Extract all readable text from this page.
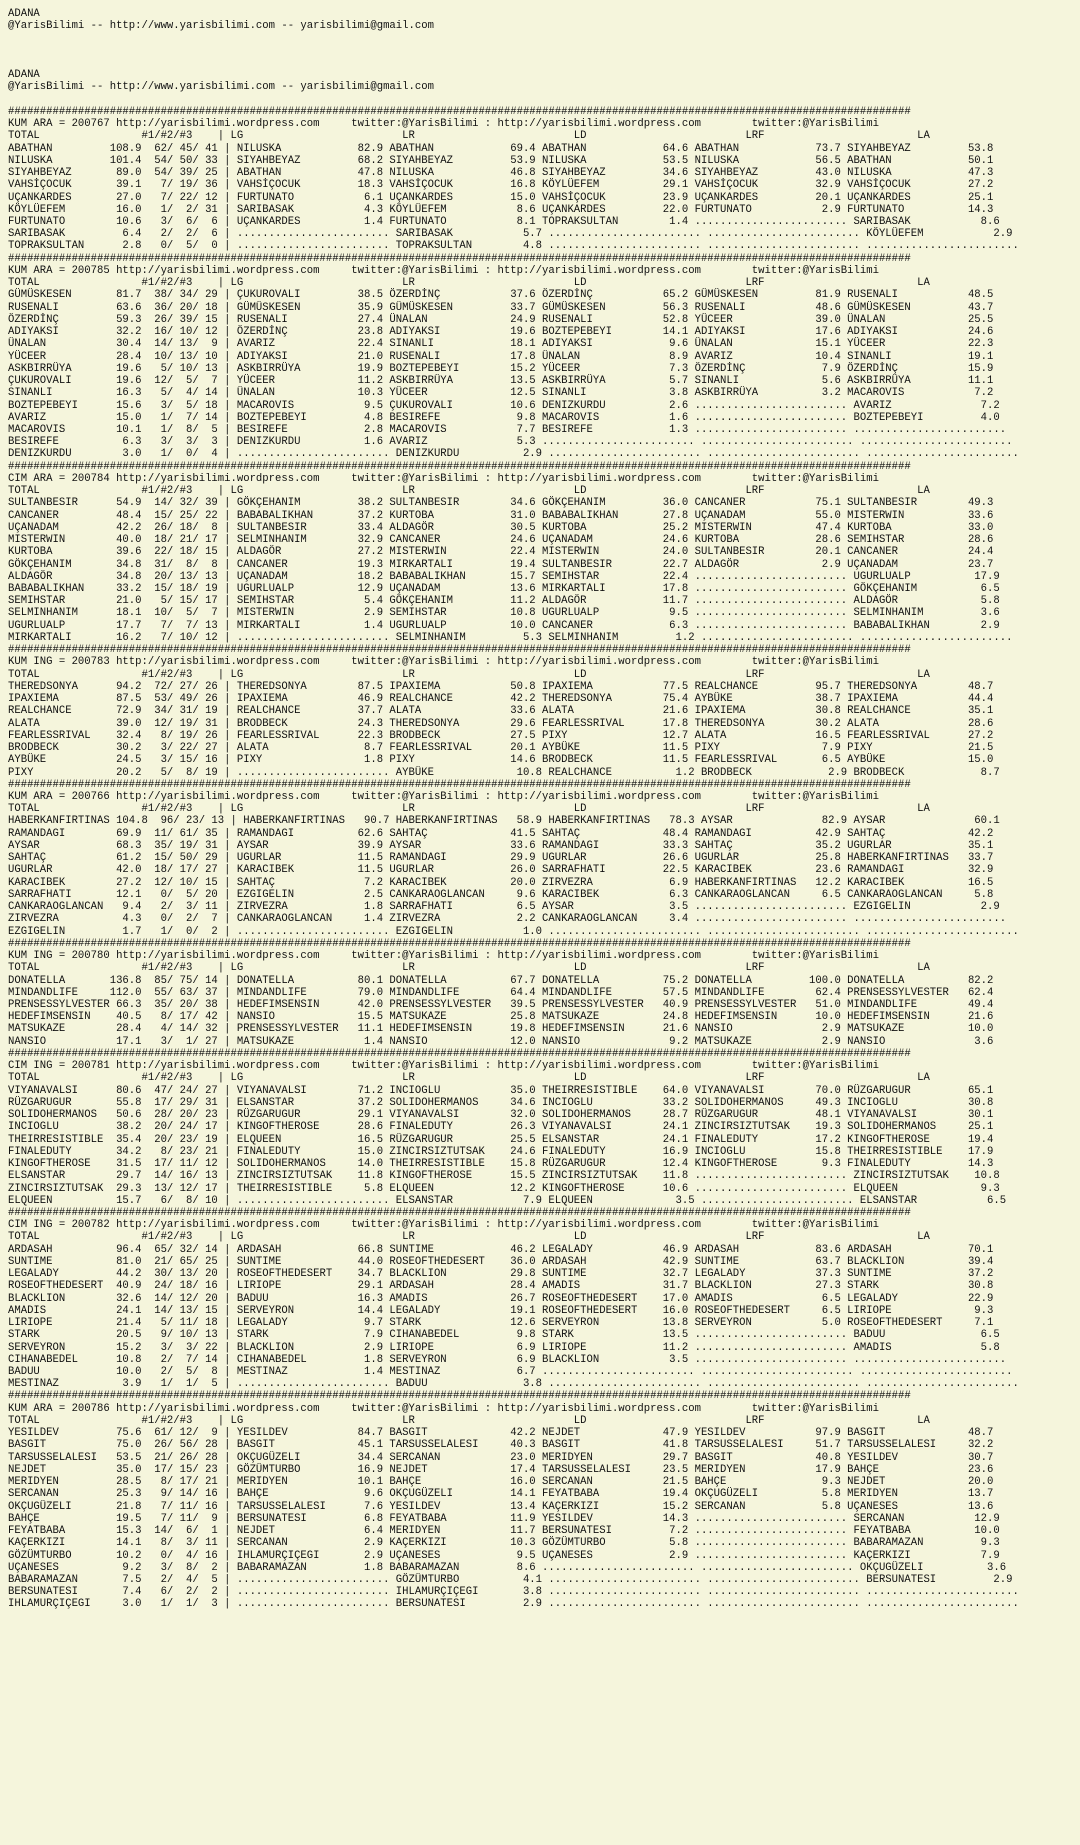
ADANA
@YarisBilimi -- http://www.yarisbilimi.com -- yarisbilimi@gmail.com

ADANA
@YarisBilimi -- http://www.yarisbilimi.com -- yarisbilimi@gmail.com

##############################################################################################################################################
KUM ARA = 200767 http://yarisbilimi.wordpress.com     twitter:@YarisBilimi : http://yarisbilimi.wordpress.com        twitter:@YarisBilimi
TOTAL                #1/#2/#3    | LG                         LR                         LD                         LRF                        LA
ABATHAN         108.9  62/ 45/ 41 | NILUSKA            82.9 ABATHAN            69.4 ABATHAN            64.6 ABATHAN            73.7 SIYAHBEYAZ         53.8
NILUSKA         101.4  54/ 50/ 33 | SIYAHBEYAZ         68.2 SIYAHBEYAZ         53.9 NILUSKA            53.5 NILUSKA            56.5 ABATHAN            50.1
SIYAHBEYAZ       89.0  54/ 39/ 25 | ABATHAN            47.8 NILUSKA            46.8 SIYAHBEYAZ         34.6 SIYAHBEYAZ         43.0 NILUSKA            47.3
VAHSİÇOCUK       39.1   7/ 19/ 36 | VAHSİÇOCUK         18.3 VAHSİÇOCUK         16.8 KÖYLÜEFEM          29.1 VAHSİÇOCUK         32.9 VAHSİÇOCUK         27.2
UÇANKARDES       27.0   7/ 22/ 12 | FURTUNATO           6.1 UÇANKARDES         15.0 VAHSİÇOCUK         23.9 UÇANKARDES         20.1 UÇANKARDES         25.1
KÖYLÜEFEM        16.0   1/  2/ 31 | SARIBASAK           4.3 KÖYLÜEFEM           8.6 UÇANKARDES         22.0 FURTUNATO           2.9 FURTUNATO          14.3
FURTUNATO        10.6   3/  6/  6 | UÇANKARDES          1.4 FURTUNATO           8.1 TOPRAKSULTAN        1.4 ........................ SARIBASAK           8.6
SARIBASAK         6.4   2/  2/  6 | ........................ SARIBASAK           5.7 ........................ ........................ KÖYLÜEFEM           2.9
TOPRAKSULTAN      2.8   0/  5/  0 | ........................ TOPRAKSULTAN        4.8 ........................ ........................ ........................
##############################################################################################################################################
KUM ARA = 200785 http://yarisbilimi.wordpress.com     twitter:@YarisBilimi : http://yarisbilimi.wordpress.com        twitter:@YarisBilimi
TOTAL                #1/#2/#3    | LG                         LR                         LD                         LRF                        LA
GÜMÜSKESEN       81.7  38/ 34/ 29 | ÇUKUROVALI         38.5 ÖZERDİNÇ           37.6 ÖZERDİNÇ           65.2 GÜMÜSKESEN         81.9 RUSENALI           48.5
RUSENALI         63.6  36/ 20/ 18 | GÜMÜSKESEN         35.9 GÜMÜSKESEN         33.7 GÜMÜSKESEN         56.3 RUSENALI           48.6 GÜMÜSKESEN         43.7
ÖZERDİNÇ         59.3  26/ 39/ 15 | RUSENALI           27.4 ÜNALAN             24.9 RUSENALI           52.8 YÜCEER             39.0 ÜNALAN             25.5
ADIYAKSI         32.2  16/ 10/ 12 | ÖZERDİNÇ           23.8 ADIYAKSI           19.6 BOZTEPEBEYI        14.1 ADIYAKSI           17.6 ADIYAKSI           24.6
ÜNALAN           30.4  14/ 13/  9 | AVARIZ             22.4 SINANLI            18.1 ADIYAKSI            9.6 ÜNALAN             15.1 YÜCEER             22.3
YÜCEER           28.4  10/ 13/ 10 | ADIYAKSI           21.0 RUSENALI           17.8 ÜNALAN              8.9 AVARIZ             10.4 SINANLI            19.1
ASKBIRRÜYA       19.6   5/ 10/ 13 | ASKBIRRÜYA         19.9 BOZTEPEBEYI        15.2 YÜCEER              7.3 ÖZERDİNÇ            7.9 ÖZERDİNÇ           15.9
ÇUKUROVALI       19.6  12/  5/  7 | YÜCEER             11.2 ASKBIRRÜYA         13.5 ASKBIRRÜYA          5.7 SINANLI             5.6 ASKBIRRÜYA         11.1
SINANLI          16.3   5/  4/ 14 | ÜNALAN             10.3 YÜCEER             12.5 SINANLI             3.8 ASKBIRRÜYA          3.2 MACAROVIS           7.2
BOZTEPEBEYI      15.6   3/  5/ 18 | MACAROVIS           9.5 ÇUKUROVALI         10.6 DENIZKURDU          2.6 ........................ AVARIZ              7.2
AVARIZ           15.0   1/  7/ 14 | BOZTEPEBEYI         4.8 BESIREFE            9.8 MACAROVIS           1.6 ........................ BOZTEPEBEYI         4.0
MACAROVIS        10.1   1/  8/  5 | BESIREFE            2.8 MACAROVIS           7.7 BESIREFE            1.3 ........................ ........................
BESIREFE          6.3   3/  3/  3 | DENIZKURDU          1.6 AVARIZ              5.3 ........................ ........................ ........................
DENIZKURDU        3.0   1/  0/  4 | ........................ DENIZKURDU          2.9 ........................ ........................ ........................
##############################################################################################################################################
CIM ARA = 200784 http://yarisbilimi.wordpress.com     twitter:@YarisBilimi : http://yarisbilimi.wordpress.com        twitter:@YarisBilimi
TOTAL                #1/#2/#3    | LG                         LR                         LD                         LRF                        LA
SULTANBESIR      54.9  14/ 32/ 39 | GÖKÇEHANIM         38.2 SULTANBESIR        34.6 GÖKÇEHANIM         36.0 CANCANER           75.1 SULTANBESIR        49.3
CANCANER         48.4  15/ 25/ 22 | BABABALIKHAN       37.2 KURTOBA            31.0 BABABALIKHAN       27.8 UÇANADAM           55.0 MISTERWIN          33.6
UÇANADAM         42.2  26/ 18/  8 | SULTANBESIR        33.4 ALDAGÖR            30.5 KURTOBA            25.2 MISTERWIN          47.4 KURTOBA            33.0
MISTERWIN        40.0  18/ 21/ 17 | SELMINHANIM        32.9 CANCANER           24.6 UÇANADAM           24.6 KURTOBA            28.6 SEMIHSTAR          28.6
KURTOBA          39.6  22/ 18/ 15 | ALDAGÖR            27.2 MISTERWIN          22.4 MISTERWIN          24.0 SULTANBESIR        20.1 CANCANER           24.4
GÖKÇEHANIM       34.8  31/  8/  8 | CANCANER           19.3 MIRKARTALI         19.4 SULTANBESIR        22.7 ALDAGÖR             2.9 UÇANADAM           23.7
ALDAGÖR          34.8  20/ 13/ 13 | UÇANADAM           18.2 BABABALIKHAN       15.7 SEMIHSTAR          22.4 ........................ UGURLUALP          17.9
BABABALIKHAN     33.2  15/ 18/ 19 | UGURLUALP          12.9 UÇANADAM           13.6 MIRKARTALI         17.8 ........................ GÖKÇEHANIM          6.5
SEMIHSTAR        21.0   5/ 15/ 17 | SEMIHSTAR           5.4 GÖKÇEHANIM         11.2 ALDAGÖR            11.7 ........................ ALDAGÖR             5.8
SELMINHANIM      18.1  10/  5/  7 | MISTERWIN           2.9 SEMIHSTAR          10.8 UGURLUALP           9.5 ........................ SELMINHANIM         3.6
UGURLUALP        17.7   7/  7/ 13 | MIRKARTALI          1.4 UGURLUALP          10.0 CANCANER            6.3 ........................ BABABALIKHAN        2.9
MIRKARTALI       16.2   7/ 10/ 12 | ........................ SELMINHANIM         5.3 SELMINHANIM         1.2 ........................ ........................
##############################################################################################################################################
KUM ING = 200783 http://yarisbilimi.wordpress.com     twitter:@YarisBilimi : http://yarisbilimi.wordpress.com        twitter:@YarisBilimi
TOTAL                #1/#2/#3    | LG                         LR                         LD                         LRF                        LA
THEREDSONYA      94.2  72/ 27/ 26 | THEREDSONYA        87.5 IPAXIEMA           50.8 IPAXIEMA           77.5 REALCHANCE         95.7 THEREDSONYA        48.7
IPAXIEMA         87.5  53/ 49/ 26 | IPAXIEMA           46.9 REALCHANCE         42.2 THEREDSONYA        75.4 AYBÜKE             38.7 IPAXIEMA           44.4
REALCHANCE       72.9  34/ 31/ 19 | REALCHANCE         37.7 ALATA              33.6 ALATA              21.6 IPAXIEMA           30.8 REALCHANCE         35.1
ALATA            39.0  12/ 19/ 31 | BRODBECK           24.3 THEREDSONYA        29.6 FEARLESSRIVAL      17.8 THEREDSONYA        30.2 ALATA              28.6
FEARLESSRIVAL    32.4   8/ 19/ 26 | FEARLESSRIVAL      22.3 BRODBECK           27.5 PIXY               12.7 ALATA              16.5 FEARLESSRIVAL      27.2
BRODBECK         30.2   3/ 22/ 27 | ALATA               8.7 FEARLESSRIVAL      20.1 AYBÜKE             11.5 PIXY                7.9 PIXY               21.5
AYBÜKE           24.5   3/ 15/ 16 | PIXY                1.8 PIXY               14.6 BRODBECK           11.5 FEARLESSRIVAL       6.5 AYBÜKE             15.0
PIXY             20.2   5/  8/ 19 | ........................ AYBÜKE             10.8 REALCHANCE          1.2 BRODBECK            2.9 BRODBECK            8.7
##############################################################################################################################################
KUM ARA = 200766 http://yarisbilimi.wordpress.com     twitter:@YarisBilimi : http://yarisbilimi.wordpress.com        twitter:@YarisBilimi
TOTAL                #1/#2/#3    | LG                         LR                         LD                         LRF                        LA
HABERKANFIRTINAS 104.8  96/ 23/ 13 | HABERKANFIRTINAS   90.7 HABERKANFIRTINAS   58.9 HABERKANFIRTINAS   78.3 AYSAR              82.9 AYSAR              60.1
RAMANDAGI        69.9  11/ 61/ 35 | RAMANDAGI          62.6 SAHTAÇ             41.5 SAHTAÇ             48.4 RAMANDAGI          42.9 SAHTAÇ             42.2
AYSAR            68.3  35/ 19/ 31 | AYSAR              39.9 AYSAR              33.6 RAMANDAGI          33.3 SAHTAÇ             35.2 UGURLAR            35.1
SAHTAÇ           61.2  15/ 50/ 29 | UGURLAR            11.5 RAMANDAGI          29.9 UGURLAR            26.6 UGURLAR            25.8 HABERKANFIRTINAS   33.7
UGURLAR          42.0  18/ 17/ 27 | KARACIBEK          11.5 UGURLAR            26.0 SARRAFHATI         22.5 KARACIBEK          23.6 RAMANDAGI          32.9
KARACIBEK        27.2  12/ 10/ 15 | SAHTAÇ              7.2 KARACIBEK          20.0 ZIRVEZRA            6.9 HABERKANFIRTINAS   12.2 KARACIBEK          16.5
SARRAFHATI       12.1   0/  5/ 20 | EZGIGELIN           2.5 CANKARAOGLANCAN     9.6 KARACIBEK           6.3 CANKARAOGLANCAN     6.5 CANKARAOGLANCAN     5.8
CANKARAOGLANCAN   9.4   2/  3/ 11 | ZIRVEZRA            1.8 SARRAFHATI          6.5 AYSAR               3.5 ........................ EZGIGELIN           2.9
ZIRVEZRA          4.3   0/  2/  7 | CANKARAOGLANCAN     1.4 ZIRVEZRA            2.2 CANKARAOGLANCAN     3.4 ........................ ........................
EZGIGELIN         1.7   1/  0/  2 | ........................ EZGIGELIN           1.0 ........................ ........................ ........................
##############################################################################################################################################
KUM ING = 200780 http://yarisbilimi.wordpress.com     twitter:@YarisBilimi : http://yarisbilimi.wordpress.com        twitter:@YarisBilimi
TOTAL                #1/#2/#3    | LG                         LR                         LD                         LRF                        LA
DONATELLA       136.8  85/ 75/ 14 | DONATELLA          80.1 DONATELLA          67.7 DONATELLA          75.2 DONATELLA         100.0 DONATELLA          82.2
MINDANDLIFE     112.0  55/ 63/ 37 | MINDANDLIFE        79.0 MINDANDLIFE        64.4 MINDANDLIFE        57.5 MINDANDLIFE        62.4 PRENSESSYLVESTER   62.4
PRENSESSYLVESTER 66.3  35/ 20/ 38 | HEDEFIMSENSIN      42.0 PRENSESSYLVESTER   39.5 PRENSESSYLVESTER   40.9 PRENSESSYLVESTER   51.0 MINDANDLIFE        49.4
HEDEFIMSENSIN    40.5   8/ 17/ 42 | NANSIO             15.5 MATSUKAZE          25.8 MATSUKAZE          24.8 HEDEFIMSENSIN      10.0 HEDEFIMSENSIN      21.6
MATSUKAZE        28.4   4/ 14/ 32 | PRENSESSYLVESTER   11.1 HEDEFIMSENSIN      19.8 HEDEFIMSENSIN      21.6 NANSIO              2.9 MATSUKAZE          10.0
NANSIO           17.1   3/  1/ 27 | MATSUKAZE           1.4 NANSIO             12.0 NANSIO              9.2 MATSUKAZE           2.9 NANSIO              3.6
##############################################################################################################################################
CIM ING = 200781 http://yarisbilimi.wordpress.com     twitter:@YarisBilimi : http://yarisbilimi.wordpress.com        twitter:@YarisBilimi
TOTAL                #1/#2/#3    | LG                         LR                         LD                         LRF                        LA
VIYANAVALSI      80.6  47/ 24/ 27 | VIYANAVALSI        71.2 INCIOGLU           35.0 THEIRRESISTIBLE    64.0 VIYANAVALSI        70.0 RÜZGARUGUR         65.1
RÜZGARUGUR       55.8  17/ 29/ 31 | ELSANSTAR          37.2 SOLIDOHERMANOS     34.6 INCIOGLU           33.2 SOLIDOHERMANOS     49.3 INCIOGLU           30.8
SOLIDOHERMANOS   50.6  28/ 20/ 23 | RÜZGARUGUR         29.1 VIYANAVALSI        32.0 SOLIDOHERMANOS     28.7 RÜZGARUGUR         48.1 VIYANAVALSI        30.1
INCIOGLU         38.2  20/ 24/ 17 | KINGOFTHEROSE      28.6 FINALEDUTY         26.3 VIYANAVALSI        24.1 ZINCIRSIZTUTSAK    19.3 SOLIDOHERMANOS     25.1
THEIRRESISTIBLE  35.4  20/ 23/ 19 | ELQUEEN            16.5 RÜZGARUGUR         25.5 ELSANSTAR          24.1 FINALEDUTY         17.2 KINGOFTHEROSE      19.4
FINALEDUTY       34.2   8/ 23/ 21 | FINALEDUTY         15.0 ZINCIRSIZTUTSAK    24.6 FINALEDUTY         16.9 INCIOGLU           15.8 THEIRRESISTIBLE    17.9
KINGOFTHEROSE    31.5  17/ 11/ 12 | SOLIDOHERMANOS     14.0 THEIRRESISTIBLE    15.8 RÜZGARUGUR         12.4 KINGOFTHEROSE       9.3 FINALEDUTY         14.3
ELSANSTAR        29.7  14/ 16/ 13 | ZINCIRSIZTUTSAK    11.8 KINGOFTHEROSE      15.5 ZINCIRSIZTUTSAK    11.8 ........................ ZINCIRSIZTUTSAK    10.8
ZINCIRSIZTUTSAK  29.3  13/ 12/ 17 | THEIRRESISTIBLE     5.8 ELQUEEN            12.2 KINGOFTHEROSE      10.6 ........................ ELQUEEN             9.3
ELQUEEN          15.7   6/  8/ 10 | ........................ ELSANSTAR           7.9 ELQUEEN             3.5 ........................ ELSANSTAR           6.5
##############################################################################################################################################
CIM ING = 200782 http://yarisbilimi.wordpress.com     twitter:@YarisBilimi : http://yarisbilimi.wordpress.com        twitter:@YarisBilimi
TOTAL                #1/#2/#3    | LG                         LR                         LD                         LRF                        LA
ARDASAH          96.4  65/ 32/ 14 | ARDASAH            66.8 SUNTIME            46.2 LEGALADY           46.9 ARDASAH            83.6 ARDASAH            70.1
SUNTIME          81.0  21/ 65/ 25 | SUNTIME            44.0 ROSEOFTHEDESERT    36.0 ARDASAH            42.9 SUNTIME            63.7 BLACKLION          39.4
LEGALADY         44.2  30/ 13/ 20 | ROSEOFTHEDESERT    34.7 BLACKLION          29.8 SUNTIME            32.7 LEGALADY           37.3 SUNTIME            37.2
ROSEOFTHEDESERT  40.9  24/ 18/ 16 | LIRIOPE            29.1 ARDASAH            28.4 AMADIS             31.7 BLACKLION          27.3 STARK              30.8
BLACKLION        32.6  14/ 12/ 20 | BADUU              16.3 AMADIS             26.7 ROSEOFTHEDESERT    17.0 AMADIS              6.5 LEGALADY           22.9
AMADIS           24.1  14/ 13/ 15 | SERVEYRON          14.4 LEGALADY           19.1 ROSEOFTHEDESERT    16.0 ROSEOFTHEDESERT     6.5 LIRIOPE             9.3
LIRIOPE          21.4   5/ 11/ 18 | LEGALADY            9.7 STARK              12.6 SERVEYRON          13.8 SERVEYRON           5.0 ROSEOFTHEDESERT     7.1
STARK            20.5   9/ 10/ 13 | STARK               7.9 CIHANABEDEL         9.8 STARK              13.5 ........................ BADUU               6.5
SERVEYRON        15.2   3/  3/ 22 | BLACKLION           2.9 LIRIOPE             6.9 LIRIOPE            11.2 ........................ AMADIS              5.8
CIHANABEDEL      10.8   2/  7/ 14 | CIHANABEDEL         1.8 SERVEYRON           6.9 BLACKLION           3.5 ........................ ........................
BADUU            10.0   2/  5/  8 | MESTINAZ            1.4 MESTINAZ            6.7 ........................ ........................ ........................
MESTINAZ          3.9   1/  1/  5 | ........................ BADUU               3.8 ........................ ........................ ........................
##############################################################################################################################################
KUM ARA = 200786 http://yarisbilimi.wordpress.com     twitter:@YarisBilimi : http://yarisbilimi.wordpress.com        twitter:@YarisBilimi
TOTAL                #1/#2/#3    | LG                         LR                         LD                         LRF                        LA
YESILDEV         75.6  61/ 12/  9 | YESILDEV           84.7 BASGIT             42.2 NEJDET             47.9 YESILDEV           97.9 BASGIT             48.7
BASGIT           75.0  26/ 56/ 28 | BASGIT             45.1 TARSUSSELALESI     40.3 BASGIT             41.8 TARSUSSELALESI     51.7 TARSUSSELALESI     32.2
TARSUSSELALESI   53.5  21/ 26/ 28 | OKÇUGÜZELI         34.4 SERCANAN           23.0 MERIDYEN           29.7 BASGIT             40.8 YESILDEV           30.7
NEJDET           35.0  17/ 15/ 23 | GÖZÜMTURBO         16.9 NEJDET             17.4 TARSUSSELALESI     23.5 MERIDYEN           17.9 BAHÇE              23.6
MERIDYEN         28.5   8/ 17/ 21 | MERIDYEN           10.1 BAHÇE              16.0 SERCANAN           21.5 BAHÇE               9.3 NEJDET             20.0
SERCANAN         25.3   9/ 14/ 16 | BAHÇE               9.6 OKÇUGÜZELI         14.1 FEYATBABA          19.4 OKÇUGÜZELI          5.8 MERIDYEN           13.7
OKÇUGÜZELI       21.8   7/ 11/ 16 | TARSUSSELALESI      7.6 YESILDEV           13.4 KAÇERKIZI          15.2 SERCANAN            5.8 UÇANESES           13.6
BAHÇE            19.5   7/ 11/  9 | BERSUNATESI         6.8 FEYATBABA          11.9 YESILDEV           14.3 ........................ SERCANAN           12.9
FEYATBABA        15.3  14/  6/  1 | NEJDET              6.4 MERIDYEN           11.7 BERSUNATESI         7.2 ........................ FEYATBABA          10.0
KAÇERKIZI        14.1   8/  3/ 11 | SERCANAN            2.9 KAÇERKIZI          10.3 GÖZÜMTURBO          5.8 ........................ BABARAMAZAN         9.3
GÖZÜMTURBO       10.2   0/  4/ 16 | IHLAMURÇIÇEGI       2.9 UÇANESES            9.5 UÇANESES            2.9 ........................ KAÇERKIZI           7.9
UÇANESES          9.2   3/  8/  2 | BABARAMAZAN         1.8 BABARAMAZAN         8.6 ........................ ........................ OKÇUGÜZELI          3.6
BABARAMAZAN       7.5   2/  4/  5 | ........................ GÖZÜMTURBO          4.1 ........................ ........................ BERSUNATESI         2.9
BERSUNATESI       7.4   6/  2/  2 | ........................ IHLAMURÇIÇEGI       3.8 ........................ ........................ ........................
IHLAMURÇIÇEGI     3.0   1/  1/  3 | ........................ BERSUNATESI         2.9 ........................ ........................ ........................
